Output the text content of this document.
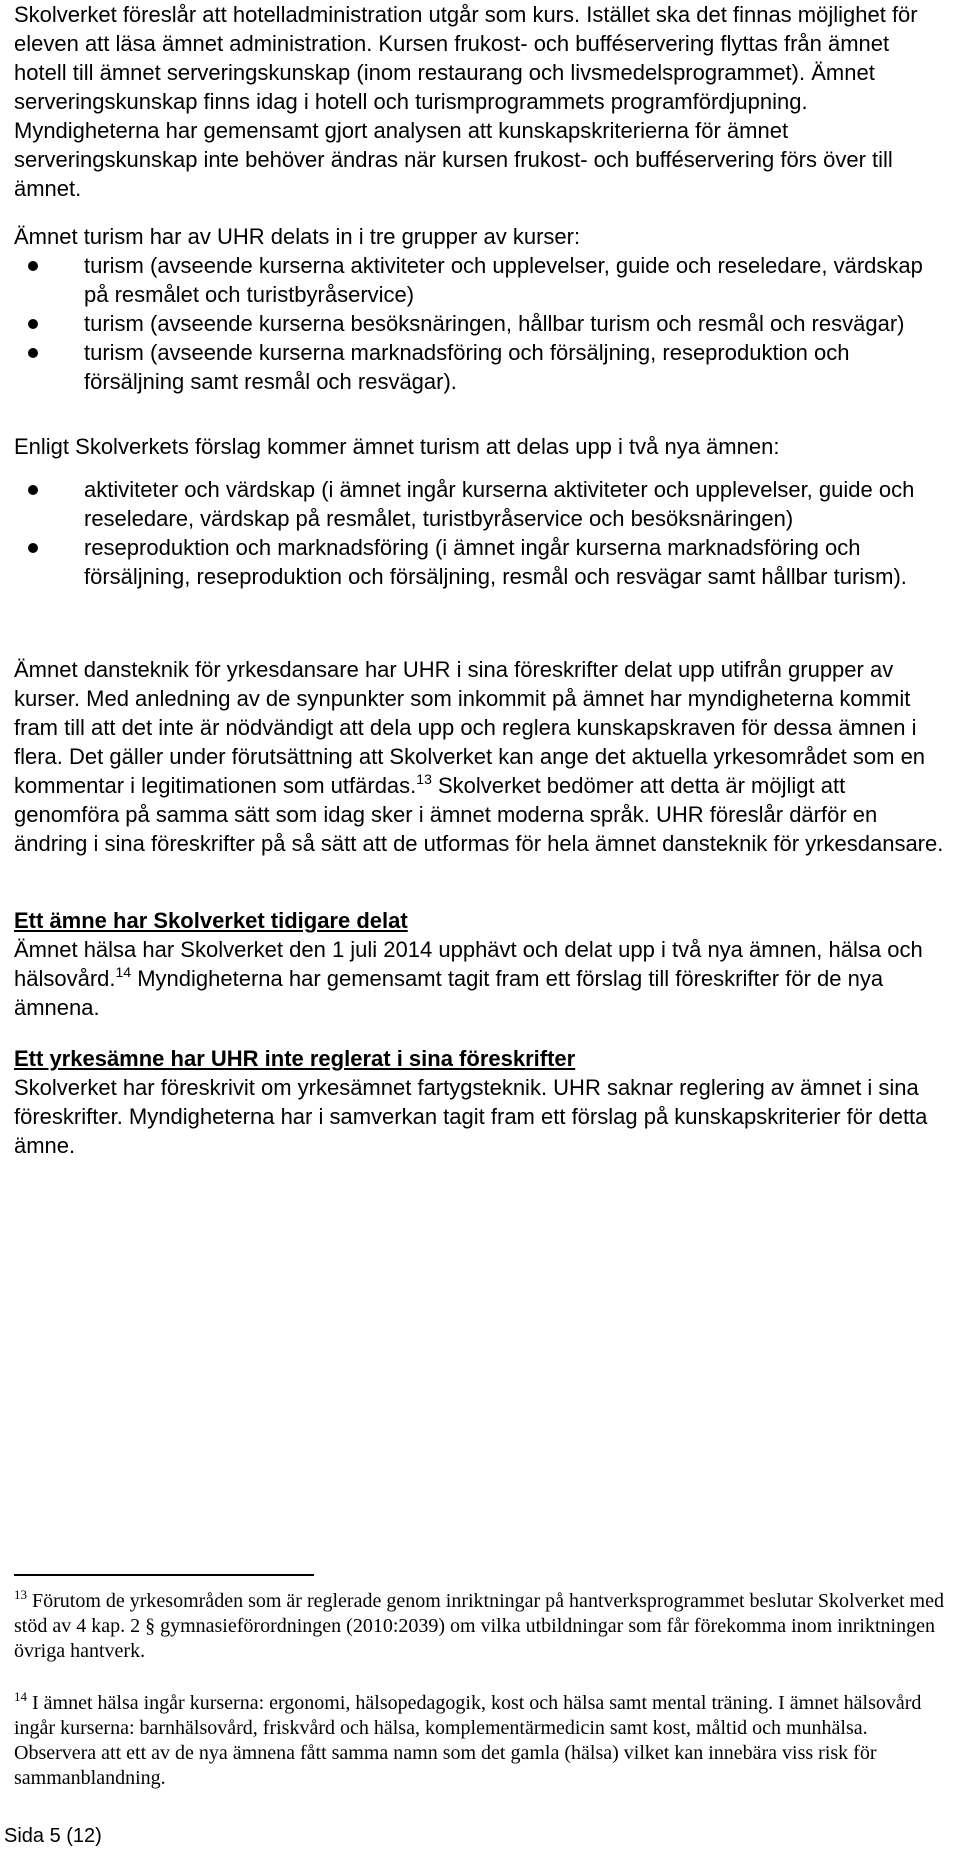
Skolverket föreslår att hotelladministration utgår som kurs. Istället ska det finnas möjlighet för eleven att läsa ämnet administration. Kursen frukost- och bufféservering flyttas från ämnet hotell till ämnet serveringskunskap (inom restaurang och livsmedelsprogrammet). Ämnet serveringskunskap finns idag i hotell och turismprogrammets programfördjupning. Myndigheterna har gemensamt gjort analysen att kunskapskriterierna för ämnet serveringskunskap inte behöver ändras när kursen frukost- och bufféservering förs över till ämnet.

Ämnet turism har av UHR delats in i tre grupper av kurser:

turism (avseende kurserna aktiviteter och upplevelser, guide och reseledare, värdskap på resmålet och turistbyråservice)
turism (avseende kurserna besöksnäringen, hållbar turism och resmål och resvägar)
turism (avseende kurserna marknadsföring och försäljning, reseproduktion och försäljning samt resmål och resvägar).

Enligt Skolverkets förslag kommer ämnet turism att delas upp i två nya ämnen:

aktiviteter och värdskap (i ämnet ingår kurserna aktiviteter och upplevelser, guide och reseledare, värdskap på resmålet, turistbyråservice och besöksnäringen)
reseproduktion och marknadsföring (i ämnet ingår kurserna marknadsföring och försäljning, reseproduktion och försäljning, resmål och resvägar samt hållbar turism).

Ämnet dansteknik för yrkesdansare har UHR i sina föreskrifter delat upp utifrån grupper av kurser. Med anledning av de synpunkter som inkommit på ämnet har myndigheterna kommit fram till att det inte är nödvändigt att dela upp och reglera kunskapskraven för dessa ämnen i flera. Det gäller under förutsättning att Skolverket kan ange det aktuella yrkesområdet som en kommentar i legitimationen som utfärdas.$^{13}$ Skolverket bedömer att detta är möjligt att genomföra på samma sätt som idag sker i ämnet moderna språk. UHR föreslår därför en ändring i sina föreskrifter på så sätt att de utformas för hela ämnet dansteknik för yrkesdansare.

Ett ämne har Skolverket tidigare delat
Ämnet hälsa har Skolverket den 1 juli 2014 upphävt och delat upp i två nya ämnen, hälsa och hälsovård.$^{14}$ Myndigheterna har gemensamt tagit fram ett förslag till föreskrifter för de nya ämnena.

Ett yrkesämne har UHR inte reglerat i sina föreskrifter
Skolverket har föreskrivit om yrkesämnet fartygsteknik. UHR saknar reglering av ämnet i sina föreskrifter. Myndigheterna har i samverkan tagit fram ett förslag på kunskapskriterier för detta ämne.

$^{13}$ Förutom de yrkesområden som är reglerade genom inriktningar på hantverksprogrammet beslutar Skolverket med stöd av 4 kap. 2 § gymnasieförordningen (2010:2039) om vilka utbildningar som får förekomma inom inriktningen övriga hantverk.

$^{14}$ I ämnet hälsa ingår kurserna: ergonomi, hälsopedagogik, kost och hälsa samt mental träning. I ämnet hälsovård ingår kurserna: barnhälsovård, friskvård och hälsa, komplementärmedicin samt kost, måltid och munhälsa. Observera att ett av de nya ämnena fått samma namn som det gamla (hälsa) vilket kan innebära viss risk för sammanblandning.

Sida 5 (12)
